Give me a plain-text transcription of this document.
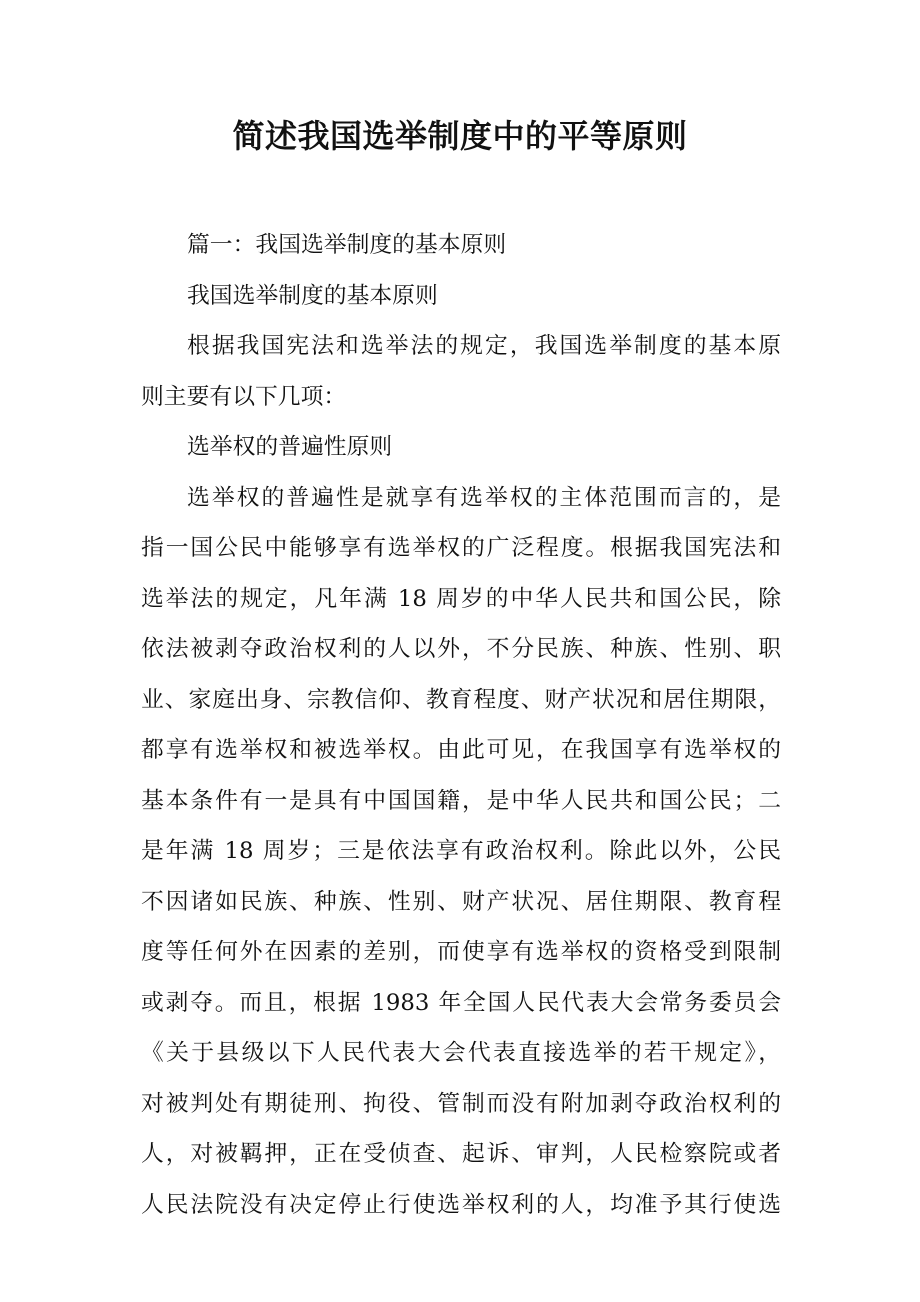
简述我国选举制度中的平等原则
篇一：我国选举制度的基本原则
我国选举制度的基本原则
根据我国宪法和选举法的规定，我国选举制度的基本原
则主要有以下几项：
选举权的普遍性原则
选举权的普遍性是就享有选举权的主体范围而言的，是
指一国公民中能够享有选举权的广泛程度。根据我国宪法和
选举法的规定，凡年满 18 周岁的中华人民共和国公民，除
依法被剥夺政治权利的人以外，不分民族、种族、性别、职
业、家庭出身、宗教信仰、教育程度、财产状况和居住期限，
都享有选举权和被选举权。由此可见，在我国享有选举权的
基本条件有一是具有中国国籍，是中华人民共和国公民；二
是年满 18 周岁；三是依法享有政治权利。除此以外，公民
不因诸如民族、种族、性别、财产状况、居住期限、教育程
度等任何外在因素的差别，而使享有选举权的资格受到限制
或剥夺。而且，根据 1983 年全国人民代表大会常务委员会
《关于县级以下人民代表大会代表直接选举的若干规定》，
对被判处有期徒刑、拘役、管制而没有附加剥夺政治权利的
人，对被羁押，正在受侦查、起诉、审判，人民检察院或者
人民法院没有决定停止行使选举权利的人，均准予其行使选
